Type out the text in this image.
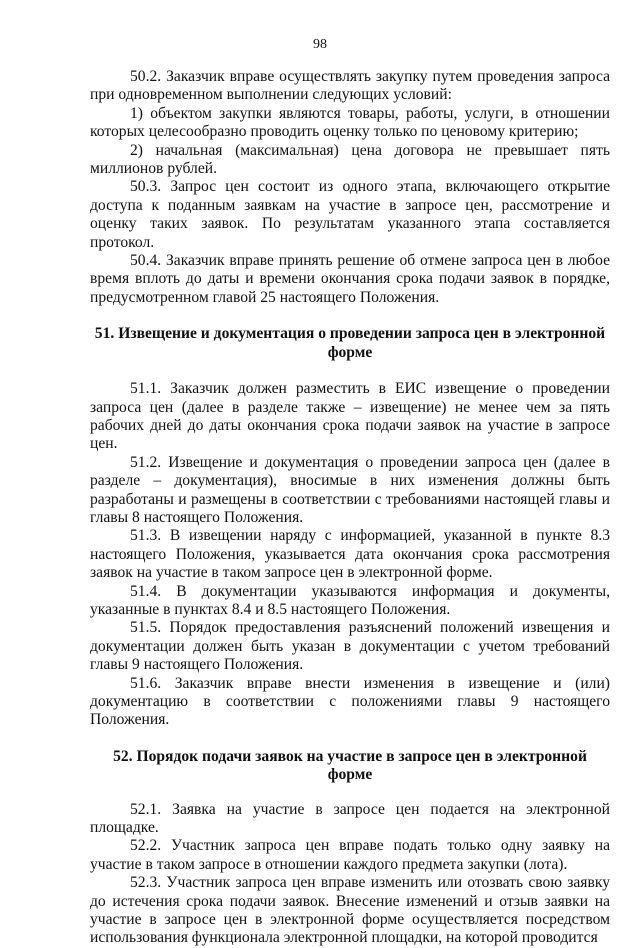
98

50.2. Заказчик вправе осуществлять закупку путем проведения запроса при одновременном выполнении следующих условий:

1) объектом закупки являются товары, работы, услуги, в отношении которых целесообразно проводить оценку только по ценовому критерию;

2) начальная (максимальная) цена договора не превышает пять миллионов рублей.

50.3. Запрос цен состоит из одного этапа, включающего открытие доступа к поданным заявкам на участие в запросе цен, рассмотрение и оценку таких заявок. По результатам указанного этапа составляется протокол.

50.4. Заказчик вправе принять решение об отмене запроса цен в любое время вплоть до даты и времени окончания срока подачи заявок в порядке, предусмотренном главой 25 настоящего Положения.

51. Извещение и документация о проведении запроса цен в электронной форме

51.1. Заказчик должен разместить в ЕИС извещение о проведении запроса цен (далее в разделе также – извещение) не менее чем за пять рабочих дней до даты окончания срока подачи заявок на участие в запросе цен.

51.2. Извещение и документация о проведении запроса цен (далее в разделе – документация), вносимые в них изменения должны быть разработаны и размещены в соответствии с требованиями настоящей главы и главы 8 настоящего Положения.

51.3. В извещении наряду с информацией, указанной в пункте 8.3 настоящего Положения, указывается дата окончания срока рассмотрения заявок на участие в таком запросе цен в электронной форме.

51.4. В документации указываются информация и документы, указанные в пунктах 8.4 и 8.5 настоящего Положения.

51.5. Порядок предоставления разъяснений положений извещения и документации должен быть указан в документации с учетом требований главы 9 настоящего Положения.

51.6. Заказчик вправе внести изменения в извещение и (или) документацию в соответствии с положениями главы 9 настоящего Положения.

52. Порядок подачи заявок на участие в запросе цен в электронной форме

52.1. Заявка на участие в запросе цен подается на электронной площадке.

52.2. Участник запроса цен вправе подать только одну заявку на участие в таком запросе в отношении каждого предмета закупки (лота).

52.3. Участник запроса цен вправе изменить или отозвать свою заявку до истечения срока подачи заявок. Внесение изменений и отзыв заявки на участие в запросе цен в электронной форме осуществляется посредством использования функционала электронной площадки, на которой проводится
